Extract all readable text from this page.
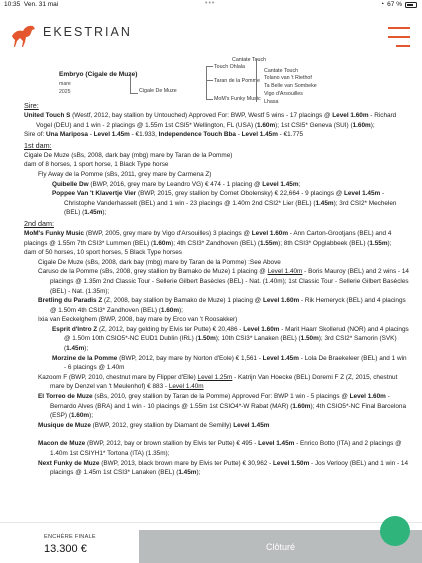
10:35 Ven. 31 mai	•••	◔ 67 %
EKESTRIAN
Cantate Touch
Touch Ohlala
Cantate Touch
Tolano van 't Riethof
Taran de la Pomme
Ta Belle van Sombeke
Cigale De Muze	Vigo d'Arsouilles
MoM's Funky Music Lhasa
Embryo (Cigale de Muze)
mare
2025

Sire:

United Touch S (Westf, 2012, bay stallion by Untouched) Approved For: BWP, Westf 5 wins - 17 placings @ Level 1.60m - Richard Vogel (DEU) and 1 win - 2 placings @ 1.55m 1st CSI5* Wellington, FL (USA) (1.60m); 1st CSI5* Geneva (SUI) (1.60m);

Sire of: Una Mariposa - Level 1.45m - €1.933, Independence Touch Bba - Level 1.45m - €1.775

1st dam:

Cigale De Muze (sBs, 2008, dark bay (mbg) mare by Taran de la Pomme)

dam of 8 horses, 1 sport horse, 1 Black Type horse

Fly Away de la Pomme (sBs, 2011, grey mare by Carmena Z)

Quibelle Dw (BWP, 2016, grey mare by Leandro VG) € 474 - 1 placing @ Level 1.45m;

Poppee Van 't Klavertje Vier (BWP, 2015, grey stallion by Cornet Obolensky) € 22,664 - 9 placings @ Level 1.45m - Christophe Vanderhasselt (BEL) and 1 win - 23 placings @ 1.40m 2nd CSI2* Lier (BEL) (1.45m); 3rd CSI2* Mechelen (BEL) (1.45m);

2nd dam:

MoM's Funky Music (BWP, 2005, grey mare by Vigo d'Arsouilles) 3 placings @ Level 1.60m - Ann Carton-Grootjans (BEL) and 4 placings @ 1.55m 7th CSI3* Lummen (BEL) (1.60m); 4th CSI3* Zandhoven (BEL) (1.55m); 8th CSI3* Opglabbeek (BEL) (1.55m);

dam of 50 horses, 10 sport horses, 5 Black Type horses

Cigale De Muze (sBs, 2008, dark bay (mbg) mare by Taran de la Pomme) :See Above

Caruso de la Pomme (sBs, 2008, grey stallion by Bamako de Muze) 1 placing @ Level 1.40m - Boris Mauroy (BEL) and 2 wins - 14 placings @ 1.35m 2nd Classic Tour - Sellerie Gilbert Basècles (BEL) - Nat. (1.40m); 1st Classic Tour - Sellerie Gilbert Basècles (BEL) - Nat. (1.35m);

Bretling du Paradis Z (Z, 2008, bay stallion by Bamako de Muze) 1 placing @ Level 1.60m - Rik Hemeryck (BEL) and 4 placings @ 1.50m 4th CSI3* Zandhoven (BEL) (1.60m);

Ixia van Eeckelghem (BWP, 2008, bay mare by Erco van 't Roosakker)

Esprit d'Intro Z (Z, 2012, bay gelding by Elvis ter Putte) € 20,486 - Level 1.60m - Marit Haarr Skollerud (NOR) and 4 placings @ 1.50m 10th CSIO5*-NC EUD1 Dublin (IRL) (1.50m); 10th CSI3* Lanaken (BEL) (1.50m); 3rd CSI2* Samorin (SVK) (1.45m);

Morzine de la Pomme (BWP, 2012, bay mare by Norton d'Eole) € 1,561 - Level 1.45m - Lola De Braekeleer (BEL) and 1 win - 6 placings @ 1.40m

Kazoom F (BWP, 2010, chestnut mare by Flipper d'Elle) Level 1.25m - Katrijn Van Hoecke (BEL) Doremi F Z (Z, 2015, chestnut mare by Denzel van 't Meulenhof) € 883 - Level 1.40m

El Torreo de Muze (sBs, 2010, grey stallion by Taran de la Pomme) Approved For: BWP 1 win - 5 placings @ Level 1.60m - Bernardo Alves (BRA) and 1 win - 10 placings @ 1.55m 1st CSIO4*-W Rabat (MAR) (1.60m); 4th CSIO5*-NC Final Barcelona (ESP) (1.60m);

Musique de Muze (BWP, 2012, grey stallion by Diamant de Semilly) Level 1.45m

Macon de Muze (BWP, 2012, bay or brown stallion by Elvis ter Putte) € 495 - Level 1.45m - Enrico Botto (ITA) and 2 placings @ 1.40m 1st CSIYH1* Tortona (ITA) (1.35m);

Next Funky de Muze (BWP, 2013, black brown mare by Elvis ter Putte) € 30,962 - Level 1.50m - Jos Verlooy (BEL) and 1 win - 14 placings @ 1.45m 1st CSI3* Lanaken (BEL) (1.45m);

ENCHÈRE FINALE
13.300 €	Clôturé
